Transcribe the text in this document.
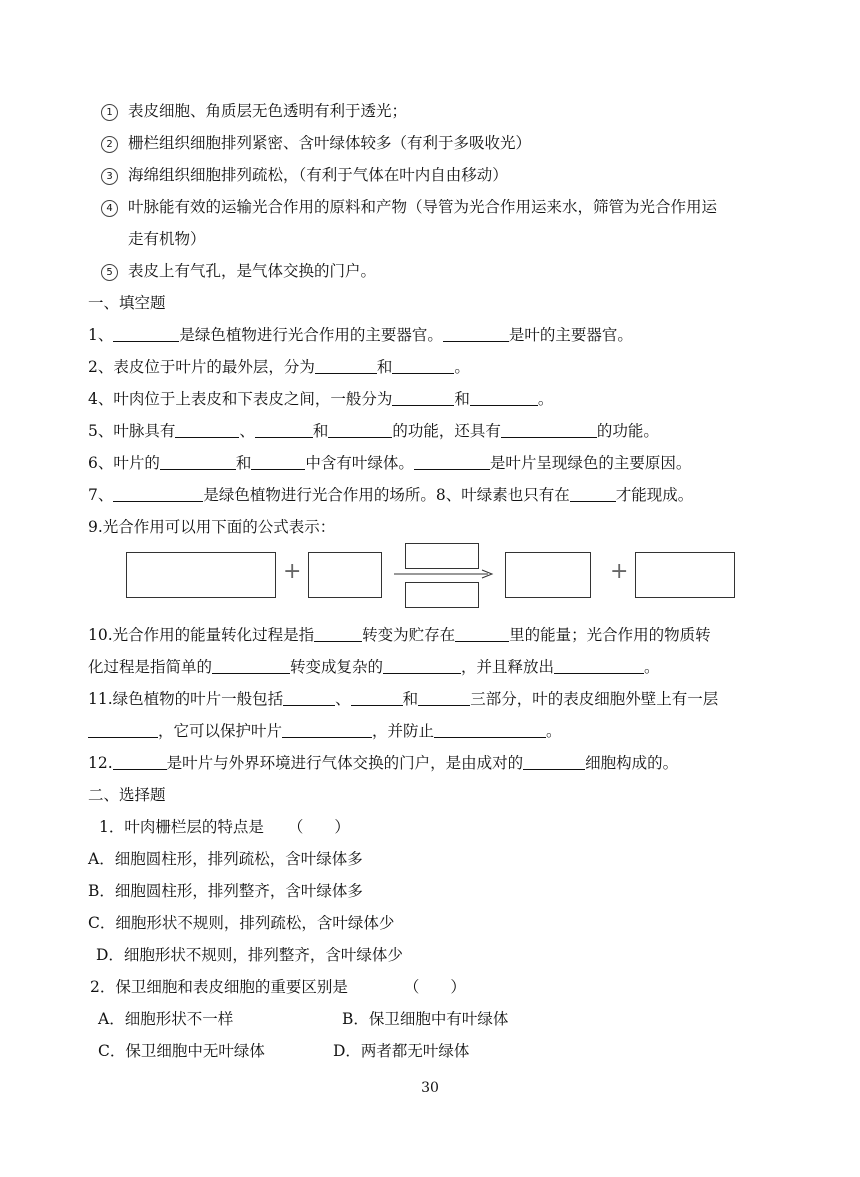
1 表皮细胞、角质层无色透明有利于透光；
2 栅栏组织细胞排列紧密、含叶绿体较多（有利于多吸收光）
3 海绵组织细胞排列疏松，（有利于气体在叶内自由移动）
4 叶脉能有效的运输光合作用的原料和产物（导管为光合作用运来水，筛管为光合作用运
走有机物）
5 表皮上有气孔，是气体交换的门户。
一、填空题
1、	是绿色植物进行光合作用的主要器官。	是叶的主要器官。
2、表皮位于叶片的最外层，分为	和	。
4、叶肉位于上表皮和下表皮之间，一般分为	和	。
5、叶脉具有	、	和	的功能，还具有	的功能。
6、叶片的	和	中含有叶绿体。	是叶片呈现绿色的主要原因。
7、	是绿色植物进行光合作用的场所。8、叶绿素也只有在	才能现成。
9.光合作用可以用下面的公式表示：
+	+
10.光合作用的能量转化过程是指	转变为贮存在	里的能量；光合作用的物质转
化过程是指简单的	转变成复杂的	，并且释放出	。
11.绿色植物的叶片一般包括	、	和	三部分，叶的表皮细胞外壁上有一层
，它可以保护叶片	，并防止	。
12.	是叶片与外界环境进行气体交换的门户，是由成对的	细胞构成的。
二、选择题
1．叶肉栅栏层的特点是 （　　）
A．细胞圆柱形，排列疏松，含叶绿体多
B．细胞圆柱形，排列整齐，含叶绿体多
C．细胞形状不规则，排列疏松，含叶绿体少
D．细胞形状不规则，排列整齐，含叶绿体少
2．保卫细胞和表皮细胞的重要区别是	（　　）
A．细胞形状不一样	B．保卫细胞中有叶绿体
C．保卫细胞中无叶绿体	D．两者都无叶绿体
30
